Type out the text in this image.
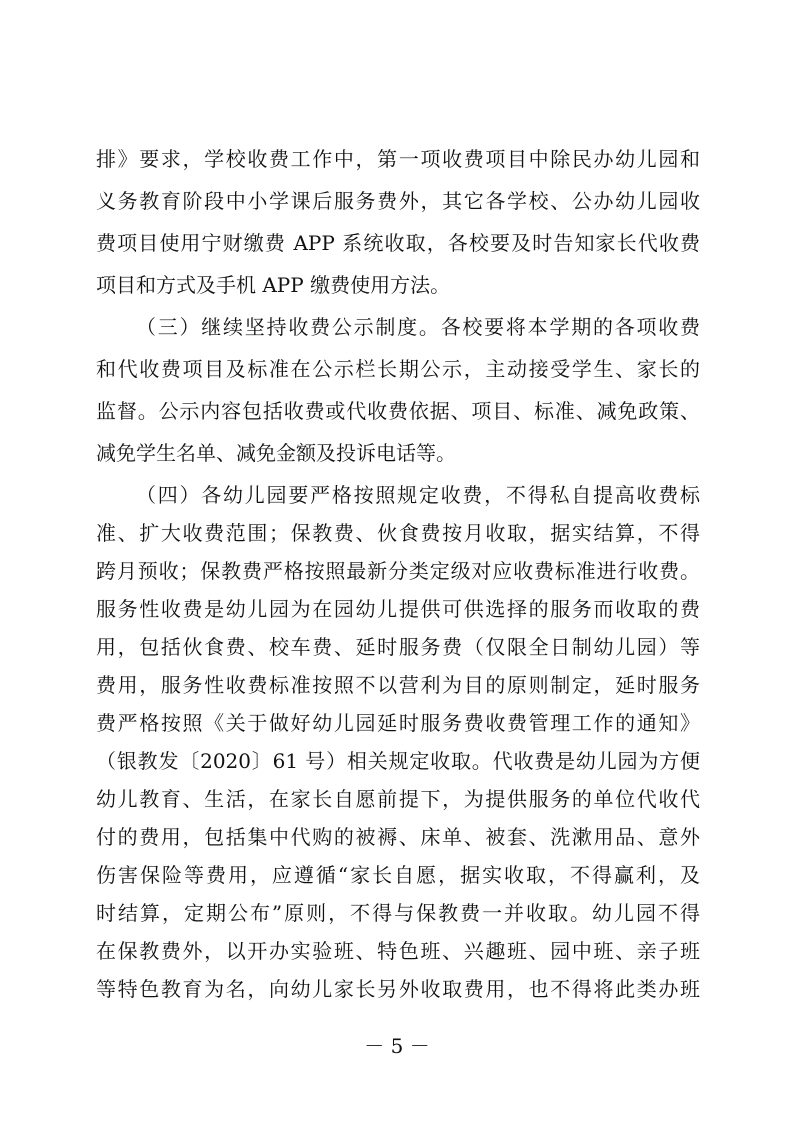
排》要求，学校收费工作中，第一项收费项目中除民办幼儿园和
义务教育阶段中小学课后服务费外，其它各学校、公办幼儿园收
费项目使用宁财缴费 APP 系统收取，各校要及时告知家长代收费
项目和方式及手机 APP 缴费使用方法。
（三）继续坚持收费公示制度。各校要将本学期的各项收费
和代收费项目及标准在公示栏长期公示，主动接受学生、家长的
监督。公示内容包括收费或代收费依据、项目、标准、减免政策、
减免学生名单、减免金额及投诉电话等。
（四）各幼儿园要严格按照规定收费，不得私自提高收费标
准、扩大收费范围；保教费、伙食费按月收取，据实结算，不得
跨月预收；保教费严格按照最新分类定级对应收费标准进行收费。
服务性收费是幼儿园为在园幼儿提供可供选择的服务而收取的费
用，包括伙食费、校车费、延时服务费（仅限全日制幼儿园）等
费用，服务性收费标准按照不以营利为目的原则制定，延时服务
费严格按照《关于做好幼儿园延时服务费收费管理工作的通知》
（银教发〔2020〕61 号）相关规定收取。代收费是幼儿园为方便
幼儿教育、生活，在家长自愿前提下，为提供服务的单位代收代
付的费用，包括集中代购的被褥、床单、被套、洗漱用品、意外
伤害保险等费用，应遵循“家长自愿，据实收取，不得赢利，及
时结算，定期公布”原则，不得与保教费一并收取。幼儿园不得
在保教费外，以开办实验班、特色班、兴趣班、园中班、亲子班
等特色教育为名，向幼儿家长另外收取费用，也不得将此类办班
－ 5 －
